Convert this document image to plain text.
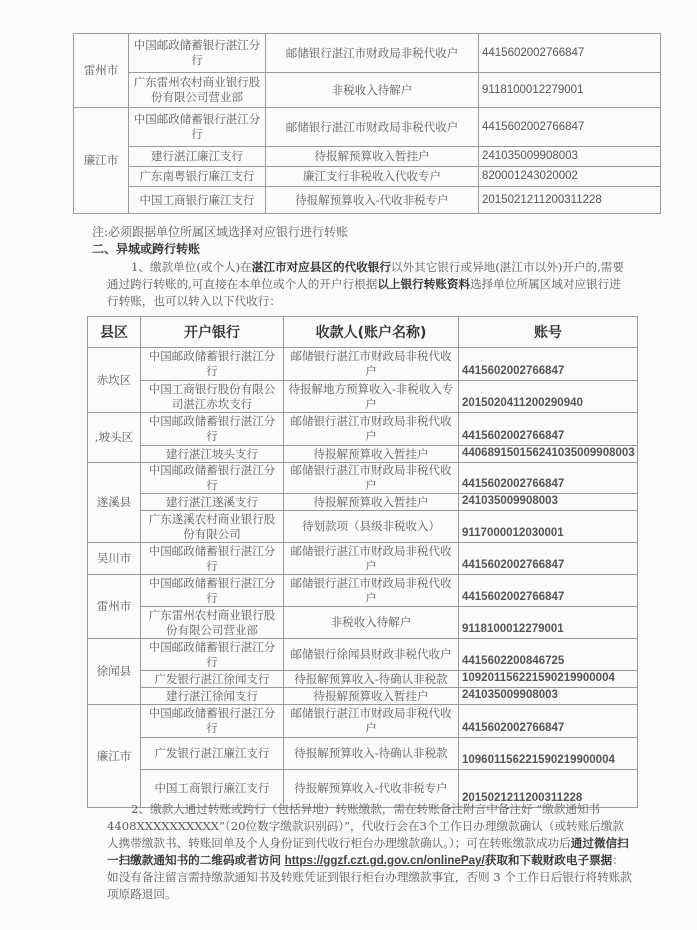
雷州市	中国邮政储蓄银行湛江分行	邮储银行湛江市财政局非税代收户	4415602002766847
	广东雷州农村商业银行股份有限公司营业部	非税收入待解户	9118100012279001
廉江市	中国邮政储蓄银行湛江分行	邮储银行湛江市财政局非税代收户	4415602002766847
	建行湛江廉江支行	待报解预算收入暂挂户	241035009908003
	广东南粤银行廉江支行	廉江支行非税收入代收专户	820001243020002
	中国工商银行廉江支行	待报解预算收入-代收非税专户	2015021211200311228
注:必须跟据单位所属区域选择对应银行进行转账
二、异城或跨行转账
1、缴款单位(或个人)在湛江市对应县区的代收银行以外其它银行或异地(湛江市以外)开户的,需要通过跨行转账的,可直接在本单位或个人的开户行根据以上银行转账资料选择单位所属区域对应银行进行转账，也可以转入以下代收行：
县区	开户银行	收款人(账户名称)	账号
赤坎区	中国邮政储蓄银行湛江分行	邮储银行湛江市财政局非税代收户	4415602002766847
	中国工商银行股份有限公司湛江赤坎支行	待报解地方预算收入-非税收入专户	2015020411200290940
,坡头区	中国邮政储蓄银行湛江分行	邮储银行湛江市财政局非税代收户	4415602002766847
	建行湛江坡头支行	待报解预算收入暂挂户	440689150156241035009908003
遂溪县	中国邮政储蓄银行湛江分行	邮储银行湛江市财政局非税代收户	4415602002766847
	建行湛江遂溪支行	待报解预算收入暂挂户	241035009908003
	广东遂溪农村商业银行股份有限公司	待划款项（县级非税收入）	9117000012030001
吴川市	中国邮政储蓄银行湛江分行	邮储银行湛江市财政局非税代收户	4415602002766847
雷州市	中国邮政储蓄银行湛江分行	邮储银行湛江市财政局非税代收户	4415602002766847
	广东雷州农村商业银行股份有限公司营业部	非税收入待解户	9118100012279001
徐闻县	中国邮政储蓄银行湛江分行	邮储银行徐闻县财政非税代收户	4415602200846725
	广发银行湛江徐闻支行	待报解预算收入-待确认非税款	109201156221590219900004
	建行湛江徐闻支行	待报解预算收入暂挂户	241035009908003
廉江市	中国邮政储蓄银行湛江分行	邮储银行湛江市财政局非税代收户	4415602002766847
	广发银行湛江廉江支行	待报解预算收入-待确认非税款	109601156221590219900004
	中国工商银行廉江支行	待报解预算收入-代收非税专户	2015021211200311228
2、缴款人通过转账或跨行（包括异地）转账缴款，需在转账备注附言中备注好 “缴款通知书4408XXXXXXXXXX”（20位数字缴款识别码）”，代收行会在3个工作日办理缴款确认（或转账后缴款人携带缴款书、转账回单及个人身份证到代收行柜台办理缴款确认。）；可在转账缴款成功后通过微信扫一扫缴款通知书的二维码或者访问 https://ggzf.czt.gd.gov.cn/onlinePay/获取和下载财政电子票据：如没有备注留言需持缴款通知书及转账凭证到银行柜台办理缴款事宜，否则 3 个工作日后银行将转账款项原路退回。
